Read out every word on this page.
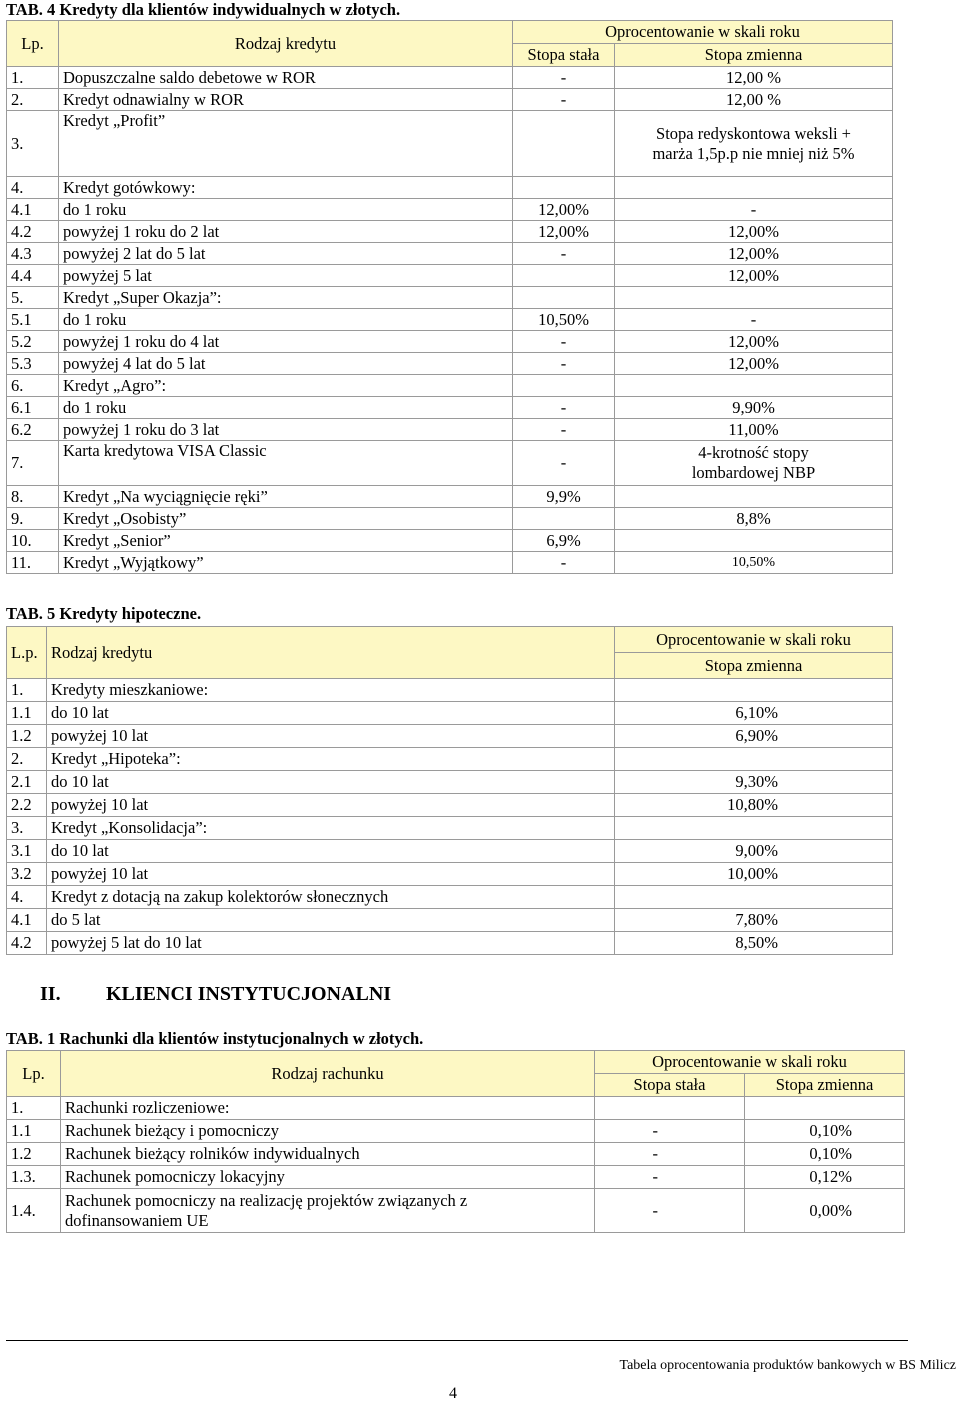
TAB. 4 Kredyty dla klientów indywidualnych w złotych.
Lp.	Rodzaj kredytu	Oprocentowanie w skali roku	
		Stopa stała	Stopa zmienna
1.	Dopuszczalne saldo debetowe w ROR	-	12,00 %
2.	Kredyt odnawialny w ROR	-	12,00 %
3.	Kredyt „Profit”		Stopa redyskontowa weksli + marża 1,5p.p nie mniej niż 5%
4.	Kredyt gotówkowy:		
4.1	do 1 roku	12,00%	-
4.2	powyżej 1 roku do 2 lat	12,00%	12,00%
4.3	powyżej 2 lat do 5 lat	-	12,00%
4.4	powyżej 5 lat		12,00%
5.	Kredyt „Super Okazja”:		
5.1	do 1 roku	10,50%	-
5.2	powyżej 1 roku do 4 lat	-	12,00%
5.3	powyżej 4 lat do 5 lat	-	12,00%
6.	Kredyt „Agro”:		
6.1	do 1 roku	-	9,90%
6.2	powyżej 1 roku do 3 lat	-	11,00%
7.	Karta kredytowa VISA Classic	-	4-krotność stopy lombardowej NBP
8.	Kredyt „Na wyciągnięcie ręki”	9,9%	
9.	Kredyt „Osobisty”		8,8%
10.	Kredyt „Senior”	6,9%	
11.	Kredyt „Wyjątkowy”	-	10,50%
TAB. 5 Kredyty hipoteczne.
L.p.	Rodzaj kredytu	Oprocentowanie w skali roku
		Stopa zmienna
1.	Kredyty mieszkaniowe:	
1.1	do 10 lat	6,10%
1.2	powyżej 10 lat	6,90%
2.	Kredyt „Hipoteka”:	
2.1	do 10 lat	9,30%
2.2	powyżej 10 lat	10,80%
3.	Kredyt „Konsolidacja”:	
3.1	do 10 lat	9,00%
3.2	powyżej 10 lat	10,00%
4.	Kredyt z dotacją na zakup kolektorów słonecznych	
4.1	do 5 lat	7,80%
4.2	powyżej 5 lat do 10 lat	8,50%
II. KLIENCI INSTYTUCJONALNI
TAB. 1 Rachunki dla klientów instytucjonalnych w złotych.
Lp.	Rodzaj rachunku	Oprocentowanie w skali roku	
		Stopa stała	Stopa zmienna
1.	Rachunki rozliczeniowe:		
1.1	Rachunek bieżący i pomocniczy	-	0,10%
1.2	Rachunek bieżący rolników indywidualnych	-	0,10%
1.3.	Rachunek pomocniczy lokacyjny	-	0,12%
1.4.	Rachunek pomocniczy na realizację projektów związanych z dofinansowaniem UE	-	0,00%
Tabela oprocentowania produktów bankowych w BS Milicz
4
